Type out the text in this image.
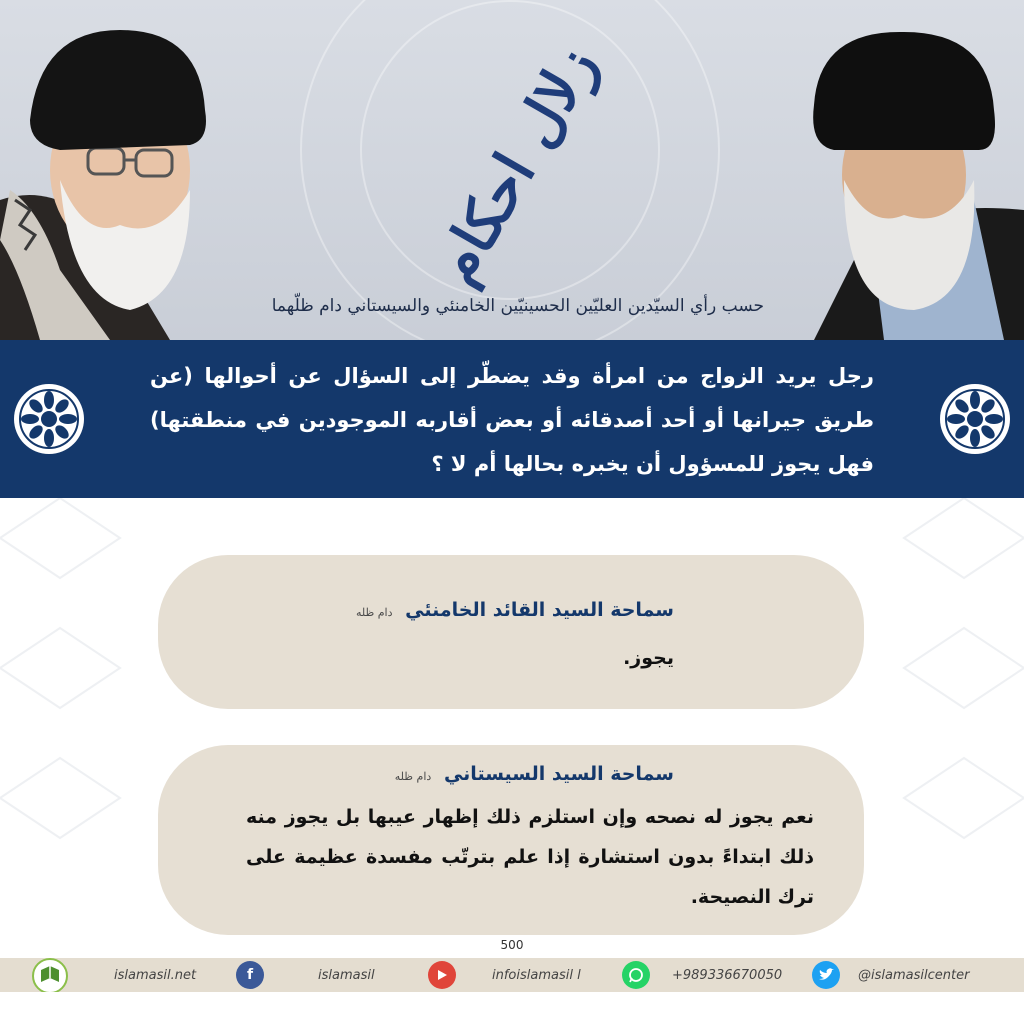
زلال احکام
حسب رأي السيّدين العليّين الحسينيّين الخامنئي والسيستاني دام ظلّهما
رجل يريد الزواج من امرأة وقد يضطّر إلى السؤال عن أحوالها (عن طريق جيرانها أو أحد أصدقائه أو بعض أقاربه الموجودين في منطقتها) فهل يجوز للمسؤول أن يخبره بحالها أم لا ؟
سماحة السيد القائد الخامنئي دام ظله
يجوز.
سماحة السيد السيستاني دام ظله
نعم يجوز له نصحه وإن استلزم ذلك إظهار عيبها بل يجوز منه ذلك ابتداءً بدون استشارة إذا علم بترتّب مفسدة عظيمة على ترك النصيحة.
500
islamasil.net	f	islamasil	infoislamasil l	+989336670050	@islamasilcenter
